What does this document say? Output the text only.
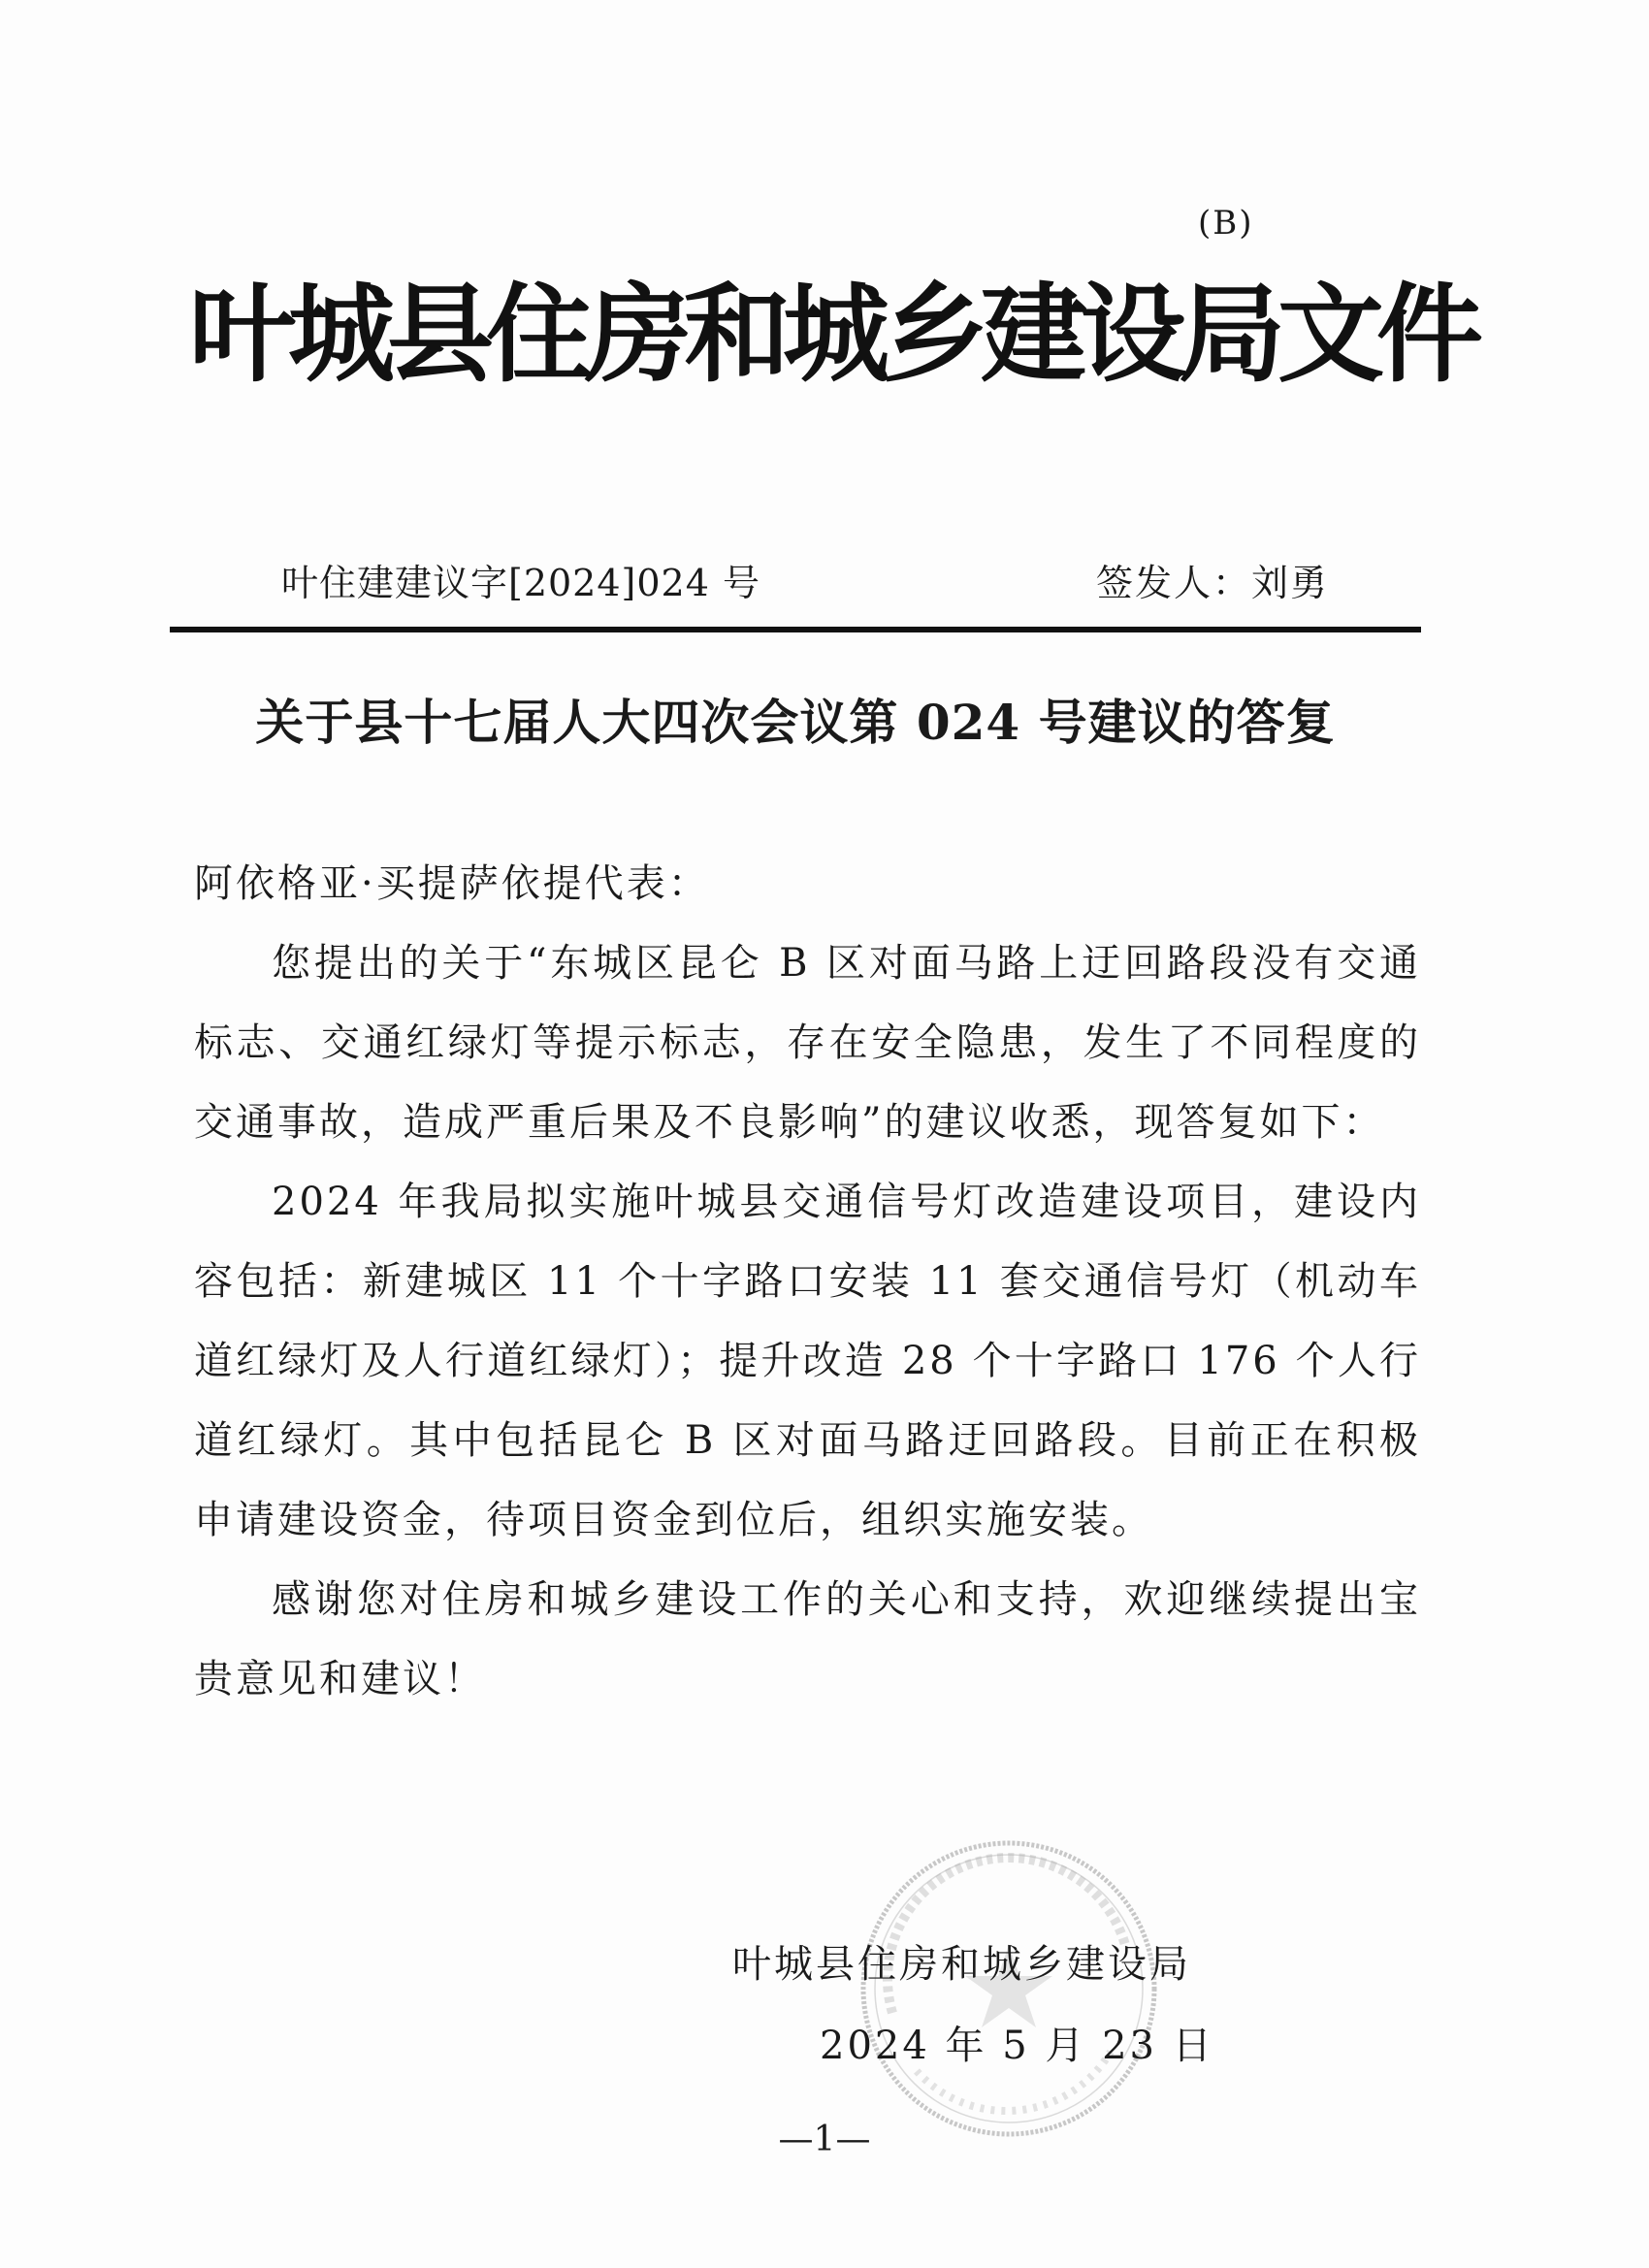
(B)
叶城县住房和城乡建设局文件
叶住建建议字[2024]024 号	签发人：刘勇
关于县十七届人大四次会议第 024 号建议的答复

阿依格亚·买提萨依提代表：

您提出的关于“东城区昆仑 B 区对面马路上迂回路段没有交通标志、交通红绿灯等提示标志，存在安全隐患，发生了不同程度的交通事故，造成严重后果及不良影响”的建议收悉，现答复如下：

2024 年我局拟实施叶城县交通信号灯改造建设项目，建设内容包括：新建城区 11 个十字路口安装 11 套交通信号灯（机动车道红绿灯及人行道红绿灯）；提升改造 28 个十字路口 176 个人行道红绿灯。其中包括昆仑 B 区对面马路迂回路段。目前正在积极申请建设资金，待项目资金到位后，组织实施安装。

感谢您对住房和城乡建设工作的关心和支持，欢迎继续提出宝贵意见和建议！

叶城县住房和城乡建设局
2024 年 5 月 23 日
—1—
